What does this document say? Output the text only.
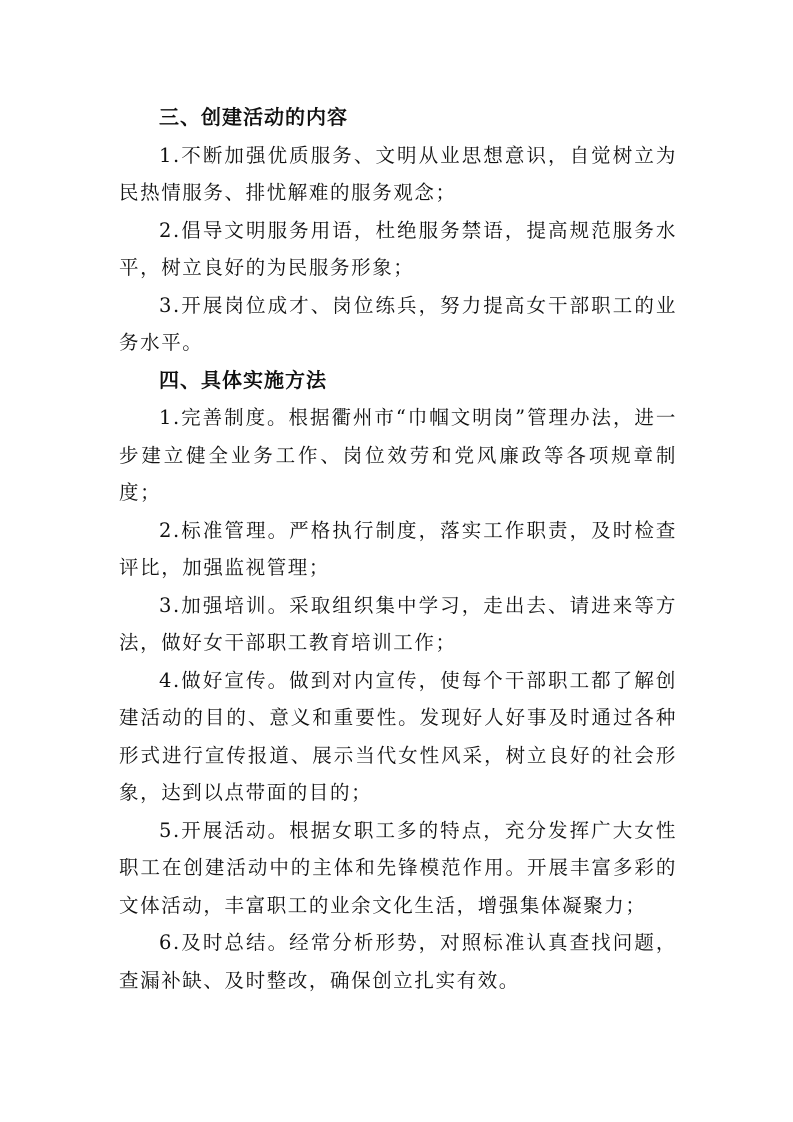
三、创建活动的内容

1.不断加强优质服务、文明从业思想意识，自觉树立为民热情服务、排忧解难的服务观念；

2.倡导文明服务用语，杜绝服务禁语，提高规范服务水平，树立良好的为民服务形象；

3.开展岗位成才、岗位练兵，努力提高女干部职工的业务水平。

四、具体实施方法

1.完善制度。根据衢州市“巾帼文明岗”管理办法，进一步建立健全业务工作、岗位效劳和党风廉政等各项规章制度；

2.标准管理。严格执行制度，落实工作职责，及时检查评比，加强监视管理；

3.加强培训。采取组织集中学习，走出去、请进来等方法，做好女干部职工教育培训工作；

4.做好宣传。做到对内宣传，使每个干部职工都了解创建活动的目的、意义和重要性。发现好人好事及时通过各种形式进行宣传报道、展示当代女性风采，树立良好的社会形象，达到以点带面的目的；

5.开展活动。根据女职工多的特点，充分发挥广大女性职工在创建活动中的主体和先锋模范作用。开展丰富多彩的文体活动，丰富职工的业余文化生活，增强集体凝聚力；

6.及时总结。经常分析形势，对照标准认真查找问题，查漏补缺、及时整改，确保创立扎实有效。
